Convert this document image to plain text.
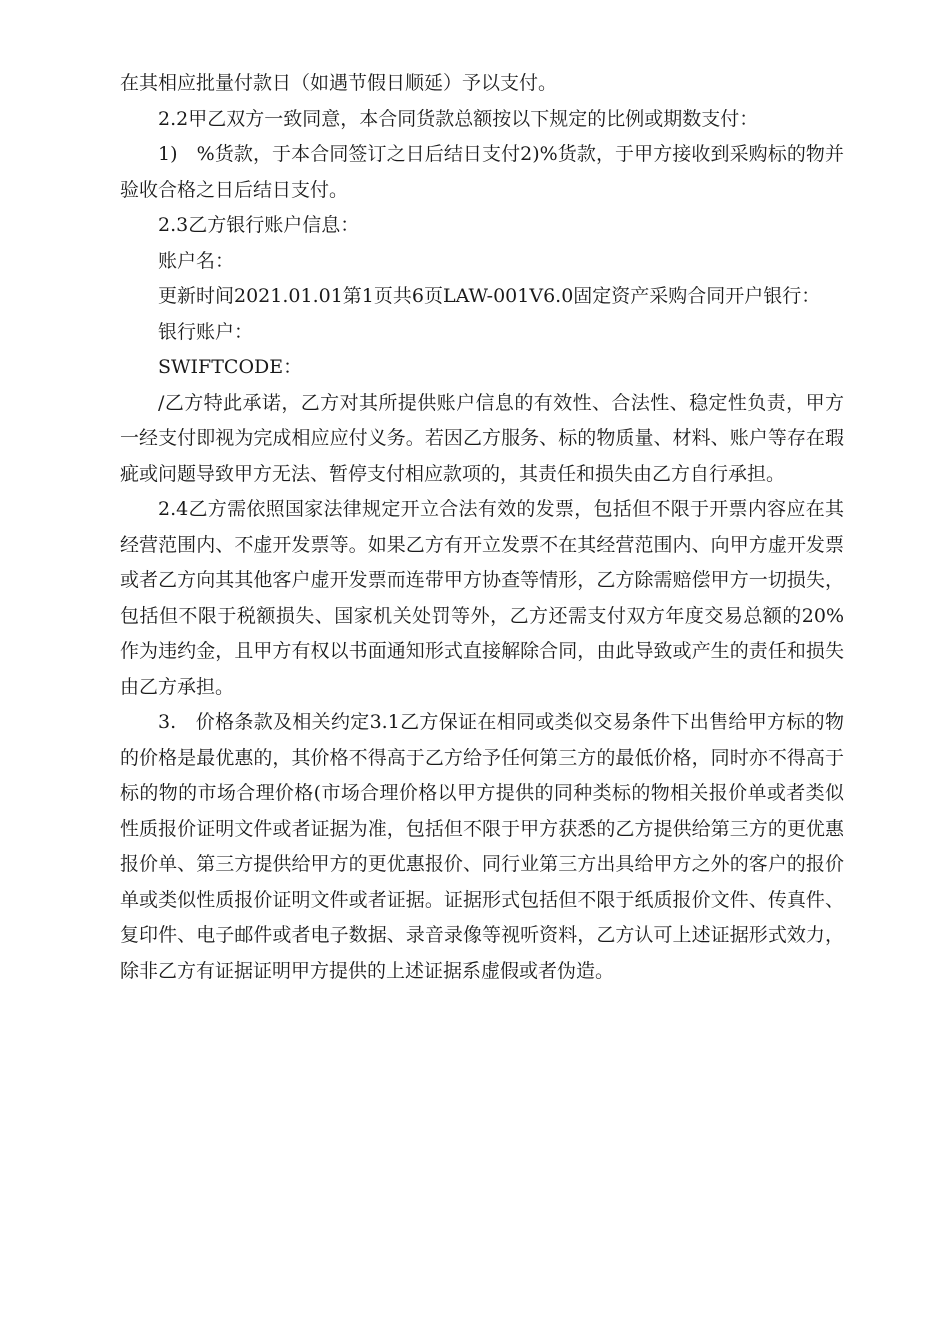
在其相应批量付款日（如遇节假日顺延）予以支付。

2.2甲乙双方一致同意，本合同货款总额按以下规定的比例或期数支付：

1)　%货款，于本合同签订之日后结日支付2)%货款，于甲方接收到采购标的物并验收合格之日后结日支付。

2.3乙方银行账户信息：

账户名：

更新时间2021.01.01第1页共6页LAW-001V6.0固定资产采购合同开户银行：

银行账户：

SWIFTCODE：

/乙方特此承诺，乙方对其所提供账户信息的有效性、合法性、稳定性负责，甲方一经支付即视为完成相应应付义务。若因乙方服务、标的物质量、材料、账户等存在瑕疵或问题导致甲方无法、暂停支付相应款项的，其责任和损失由乙方自行承担。

2.4乙方需依照国家法律规定开立合法有效的发票，包括但不限于开票内容应在其经营范围内、不虚开发票等。如果乙方有开立发票不在其经营范围内、向甲方虚开发票或者乙方向其其他客户虚开发票而连带甲方协查等情形，乙方除需赔偿甲方一切损失，包括但不限于税额损失、国家机关处罚等外，乙方还需支付双方年度交易总额的20%作为违约金，且甲方有权以书面通知形式直接解除合同，由此导致或产生的责任和损失由乙方承担。

3.　价格条款及相关约定3.1乙方保证在相同或类似交易条件下出售给甲方标的物的价格是最优惠的，其价格不得高于乙方给予任何第三方的最低价格，同时亦不得高于标的物的市场合理价格(市场合理价格以甲方提供的同种类标的物相关报价单或者类似性质报价证明文件或者证据为准，包括但不限于甲方获悉的乙方提供给第三方的更优惠报价单、第三方提供给甲方的更优惠报价、同行业第三方出具给甲方之外的客户的报价单或类似性质报价证明文件或者证据。证据形式包括但不限于纸质报价文件、传真件、复印件、电子邮件或者电子数据、录音录像等视听资料，乙方认可上述证据形式效力，除非乙方有证据证明甲方提供的上述证据系虚假或者伪造。
